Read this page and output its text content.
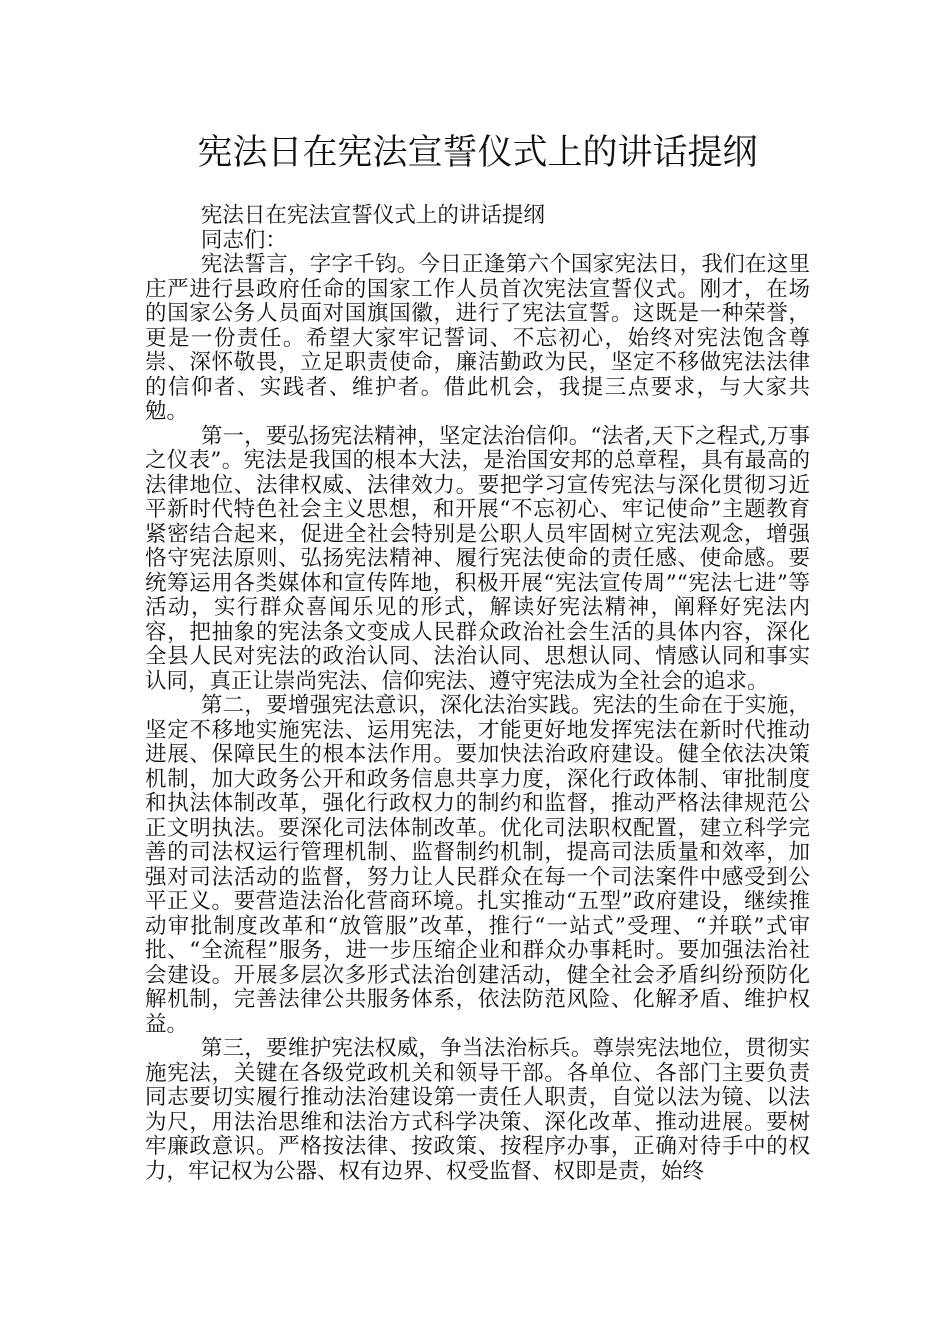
宪法日在宪法宣誓仪式上的讲话提纲

宪法日在宪法宣誓仪式上的讲话提纲

同志们：

宪法誓言，字字千钧。今日正逢第六个国家宪法日，我们在这里庄严进行县政府任命的国家工作人员首次宪法宣誓仪式。刚才，在场的国家公务人员面对国旗国徽，进行了宪法宣誓。这既是一种荣誉，更是一份责任。希望大家牢记誓词、不忘初心，始终对宪法饱含尊崇、深怀敬畏，立足职责使命，廉洁勤政为民，坚定不移做宪法法律的信仰者、实践者、维护者。借此机会，我提三点要求，与大家共勉。

第一，要弘扬宪法精神，坚定法治信仰。“法者,天下之程式,万事之仪表”。宪法是我国的根本大法，是治国安邦的总章程，具有最高的法律地位、法律权威、法律效力。要把学习宣传宪法与深化贯彻习近平新时代特色社会主义思想，和开展“不忘初心、牢记使命”主题教育紧密结合起来，促进全社会特别是公职人员牢固树立宪法观念，增强恪守宪法原则、弘扬宪法精神、履行宪法使命的责任感、使命感。要统筹运用各类媒体和宣传阵地，积极开展“宪法宣传周”“宪法七进”等活动，实行群众喜闻乐见的形式，解读好宪法精神，阐释好宪法内容，把抽象的宪法条文变成人民群众政治社会生活的具体内容，深化全县人民对宪法的政治认同、法治认同、思想认同、情感认同和事实认同，真正让崇尚宪法、信仰宪法、遵守宪法成为全社会的追求。

第二，要增强宪法意识，深化法治实践。宪法的生命在于实施，坚定不移地实施宪法、运用宪法，才能更好地发挥宪法在新时代推动进展、保障民生的根本法作用。要加快法治政府建设。健全依法决策机制，加大政务公开和政务信息共享力度，深化行政体制、审批制度和执法体制改革，强化行政权力的制约和监督，推动严格法律规范公正文明执法。要深化司法体制改革。优化司法职权配置，建立科学完善的司法权运行管理机制、监督制约机制，提高司法质量和效率，加强对司法活动的监督，努力让人民群众在每一个司法案件中感受到公平正义。要营造法治化营商环境。扎实推动“五型”政府建设，继续推动审批制度改革和“放管服”改革，推行“一站式”受理、“并联”式审批、“全流程”服务，进一步压缩企业和群众办事耗时。要加强法治社会建设。开展多层次多形式法治创建活动，健全社会矛盾纠纷预防化解机制，完善法律公共服务体系，依法防范风险、化解矛盾、维护权益。

第三，要维护宪法权威，争当法治标兵。尊崇宪法地位，贯彻实施宪法，关键在各级党政机关和领导干部。各单位、各部门主要负责同志要切实履行推动法治建设第一责任人职责，自觉以法为镜、以法为尺，用法治思维和法治方式科学决策、深化改革、推动进展。要树牢廉政意识。严格按法律、按政策、按程序办事，正确对待手中的权力，牢记权为公器、权有边界、权受监督、权即是责，始终
